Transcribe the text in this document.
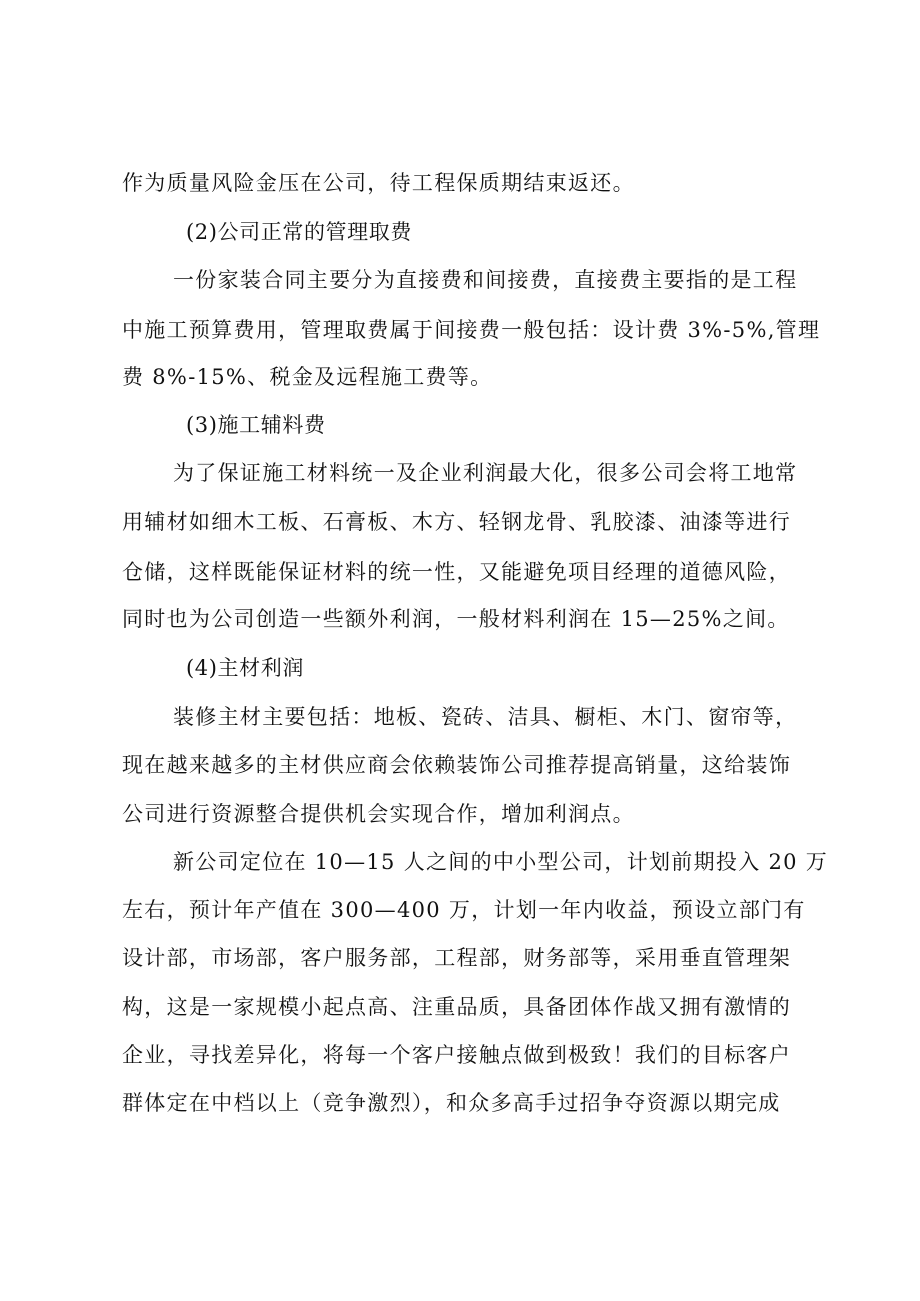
作为质量风险金压在公司，待工程保质期结束返还。
(2)公司正常的管理取费
一份家装合同主要分为直接费和间接费，直接费主要指的是工程
中施工预算费用，管理取费属于间接费一般包括：设计费 3%-5%,管理
费 8%-15%、税金及远程施工费等。
(3)施工辅料费
为了保证施工材料统一及企业利润最大化，很多公司会将工地常
用辅材如细木工板、石膏板、木方、轻钢龙骨、乳胶漆、油漆等进行
仓储，这样既能保证材料的统一性，又能避免项目经理的道德风险，
同时也为公司创造一些额外利润，一般材料利润在 15—25%之间。
(4)主材利润
装修主材主要包括：地板、瓷砖、洁具、橱柜、木门、窗帘等，
现在越来越多的主材供应商会依赖装饰公司推荐提高销量，这给装饰
公司进行资源整合提供机会实现合作，增加利润点。
新公司定位在 10—15 人之间的中小型公司，计划前期投入 20 万
左右，预计年产值在 300—400 万，计划一年内收益，预设立部门有
设计部，市场部，客户服务部，工程部，财务部等，采用垂直管理架
构，这是一家规模小起点高、注重品质，具备团体作战又拥有激情的
企业，寻找差异化，将每一个客户接触点做到极致！我们的目标客户
群体定在中档以上（竞争激烈），和众多高手过招争夺资源以期完成
